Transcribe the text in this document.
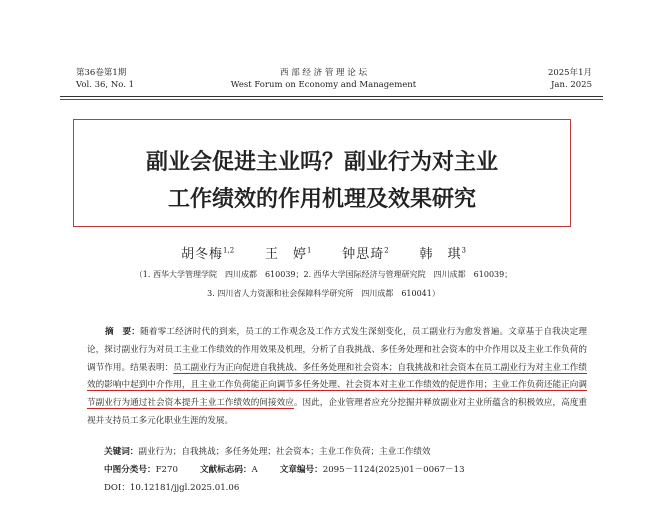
第36卷第1期
Vol. 36, No. 1
西 部 经 济 管 理 论 坛
West Forum on Economy and Management
2025年1月
Jan. 2025
副业会促进主业吗？副业行为对主业
工作绩效的作用机理及效果研究
胡冬梅$^{1,2}$ 王　婷$^1$ 钟思琦$^2$ 韩　琪$^3$
（1. 西华大学管理学院　四川成都　610039；2. 西华大学国际经济与管理研究院　四川成都　610039；
3. 四川省人力资源和社会保障科学研究所　四川成都　610041）
摘　要：随着零工经济时代的到来，员工的工作观念及工作方式发生深刻变化，员工副业行为愈发普遍。文章基于自我决定理论，探讨副业行为对员工主业工作绩效的作用效果及机理，分析了自我挑战、多任务处理和社会资本的中介作用以及主业工作负荷的调节作用。结果表明：员工副业行为正向促进自我挑战、多任务处理和社会资本；自我挑战和社会资本在员工副业行为对主业工作绩效的影响中起到中介作用，且主业工作负荷能正向调节多任务处理、社会资本对主业工作绩效的促进作用；主业工作负荷还能正向调节副业行为通过社会资本提升主业工作绩效的间接效应。因此，企业管理者应充分挖掘并释放副业对主业所蕴含的积极效应，高度重视并支持员工多元化职业生涯的发展。
关键词：副业行为；自我挑战；多任务处理；社会资本；主业工作负荷；主业工作绩效
中图分类号：F270	文献标志码：A	文章编号：2095－1124(2025)01－0067－13
DOI：10.12181/jjgl.2025.01.06
